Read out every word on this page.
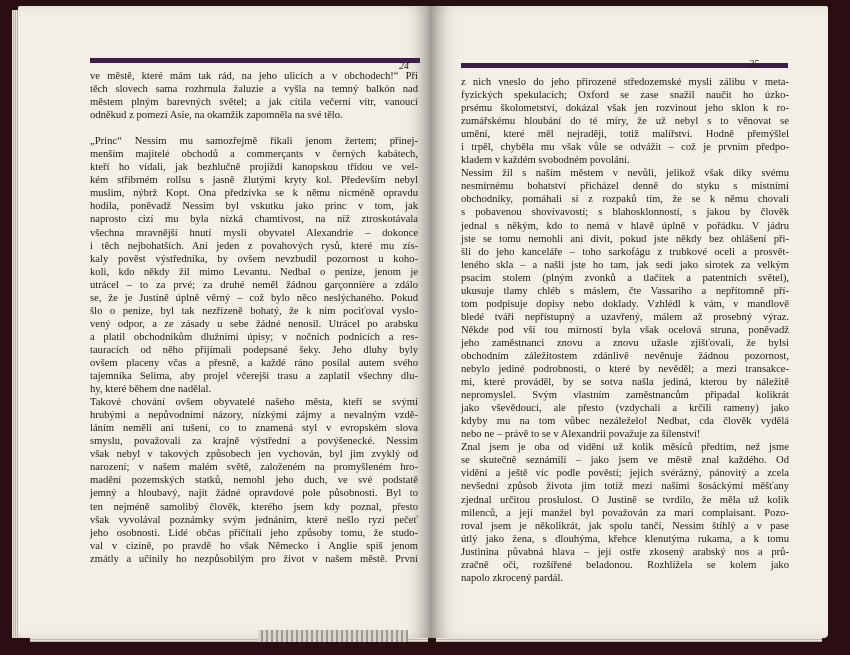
24

ve městě, které mám tak rád, na jeho ulicích a v obchodech!“ Při

těch slovech sama rozhrnula žaluzie a vyšla na temný balkón nad

městem plným barevných světel; a jak cítila večerní vítr, vanoucí

odněkud z pomezí Asie, na okamžik zapomněla na své tělo.

„Princ“ Nessim mu samozřejmě říkali jenom žertem; přinej-

menším majitelé obchodů a commerçants v černých kabátech,

kteří ho vídali, jak bezhlučně projíždí kanopskou třídou ve vel-

kém stříbrném rollsu s jasně žlutými kryty kol. Především nebyl

muslim, nýbrž Kopt. Ona předzívka se k němu nicméně opravdu

hodila, poněvadž Nessim byl vskutku jako princ v tom, jak

naprosto cizí mu byla nízká chamtivost, na níž ztroskotávala

všechna mravnější hnutí mysli obyvatel Alexandrie – dokonce

i těch nejbohatších. Ani jeden z povahových rysů, které mu zís-

kaly pověst výstředníka, by ovšem nevzbudil pozornost u koho-

koli, kdo někdy žil mimo Levantu. Nedbal o peníze, jenom je

utrácel – to za prvé; za druhé neměl žádnou garçonnière a zdálo

se, že je Justině úplně věrný – což bylo něco neslýchaného. Pokud

šlo o peníze, byl tak nezřízeně bohatý, že k nim pociťoval vyslo-

vený odpor, a ze zásady u sebe žádné nenosil. Utrácel po arabsku

a platil obchodníkům dlužními úpisy; v nočních podnicích a res-

tauracích od něho přijímali podepsané šeky. Jeho dluhy byly

ovšem placeny včas a přesně, a každé ráno posílal autem svého

tajemníka Selima, aby projel včerejší trasu a zaplatil všechny dlu-

hy, které během dne nadělal.

Takové chování ovšem obyvatelé našeho města, kteří se svými

hrubými a nepůvodními názory, nízkými zájmy a nevalným vzdě-

láním neměli ani tušení, co to znamená styl v evropském slova

smyslu, považovali za krajně výstřední a povýšenecké. Nessim

však nebyl v takových způsobech jen vychován, byl jim zvyklý od

narození; v našem malém světě, založeném na promyšleném hro-

madění pozemských statků, nemohl jeho duch, ve své podstatě

jemný a hloubavý, najít žádné opravdové pole působnosti. Byl to

ten nejméně samolibý člověk, kterého jsem kdy poznal, přesto

však vyvolával poznámky svým jednáním, které nešlo ryzí pečeť

jeho osobnosti. Lidé občas přičítali jeho způsoby tomu, že studo-

val v cizině, po pravdě ho však Německo i Anglie spíš jenom

zmátly a učinily ho nezpůsobilým pro život v našem městě. První

25

z nich vneslo do jeho přirozené středozemské mysli zálibu v meta-

fyzických spekulacích; Oxford se zase snažil naučit ho úzko-

prsému školometství, dokázal však jen rozvinout jeho sklon k ro-

zumářskému hloubání do té míry, že už nebyl s to věnovat se

umění, které měl nejraději, totiž malířství. Hodně přemýšlel

i trpěl, chyběla mu však vůle se odvážit – což je prvním předpo-

kladem v každém svobodném povolání.

Nessim žil s naším městem v nevůli, jelikož však díky svému

nesmírnému bohatství přicházel denně do styku s místními

obchodníky, pomáhali si z rozpaků tím, že se k němu chovali

s pobavenou shovívavostí; s blahosklonností, s jakou by člověk

jednal s někým, kdo to nemá v hlavě úplně v pořádku. V jádru

jste se tomu nemohli ani divit, pokud jste někdy bez ohlášení při-

šli do jeho kanceláře – toho sarkofágu z trubkové oceli a prosvět-

leného skla – a našli jste ho tam, jak sedí jako sirotek za velkým

psacím stolem (plným zvonků a tlačítek a patentních světel),

ukusuje tlamy chléb s máslem, čte Vassariho a nepřítomně pří-

tom podpisuje dopisy nebo doklady. Vzhlédl k vám, v mandlově

bledé tváři nepřístupný a uzavřený, málem až prosebný výraz.

Někde pod vší tou mírností byla však ocelová struna, poněvadž

jeho zaměstnanci znovu a znovu užasle zjišťovali, že bylsi

obchodním záležitostem zdánlivě nevěnuje žádnou pozornost,

nebylo jediné podrobnosti, o které by nevěděl; a mezi transakce-

mi, které prováděl, by se sotva našla jediná, kterou by náležitě

nepromyslel. Svým vlastním zaměstnancům připadal kolikrát

jako vševědoucí, ale přesto (vzdychali a krčili rameny) jako

kdyby mu na tom vůbec nezáleželo! Nedbat, cda člověk vydělá

nebo ne – právě to se v Alexandrii považuje za šílenství!

Znal jsem je oba od vidění už kolik měsíců předtím, než jsme

se skutečně seznámili – jako jsem ve městě znal každého. Od

vidění a ještě víc podle pověstí; jejich svérázný, pánovitý a zcela

nevšední způsob života jim totiž mezi našimi šosáckými měšťany

zjednal určitou proslulost. O Justině se tvrdilo, že měla už kolik

milenců, a její manžel byl považován za mari complaisant. Pozo-

roval jsem je několikrát, jak spolu tančí, Nessim štíhlý a v pase

útlý jako žena, s dlouhýma, křehce klenutýma rukama, a k tomu

Justinina půvabná hlava – její ostře zkosený arabský nos a prů-

zračně oči, rozšířené beladonou. Rozhlížela se kolem jako

napolo zkrocený pardál.
